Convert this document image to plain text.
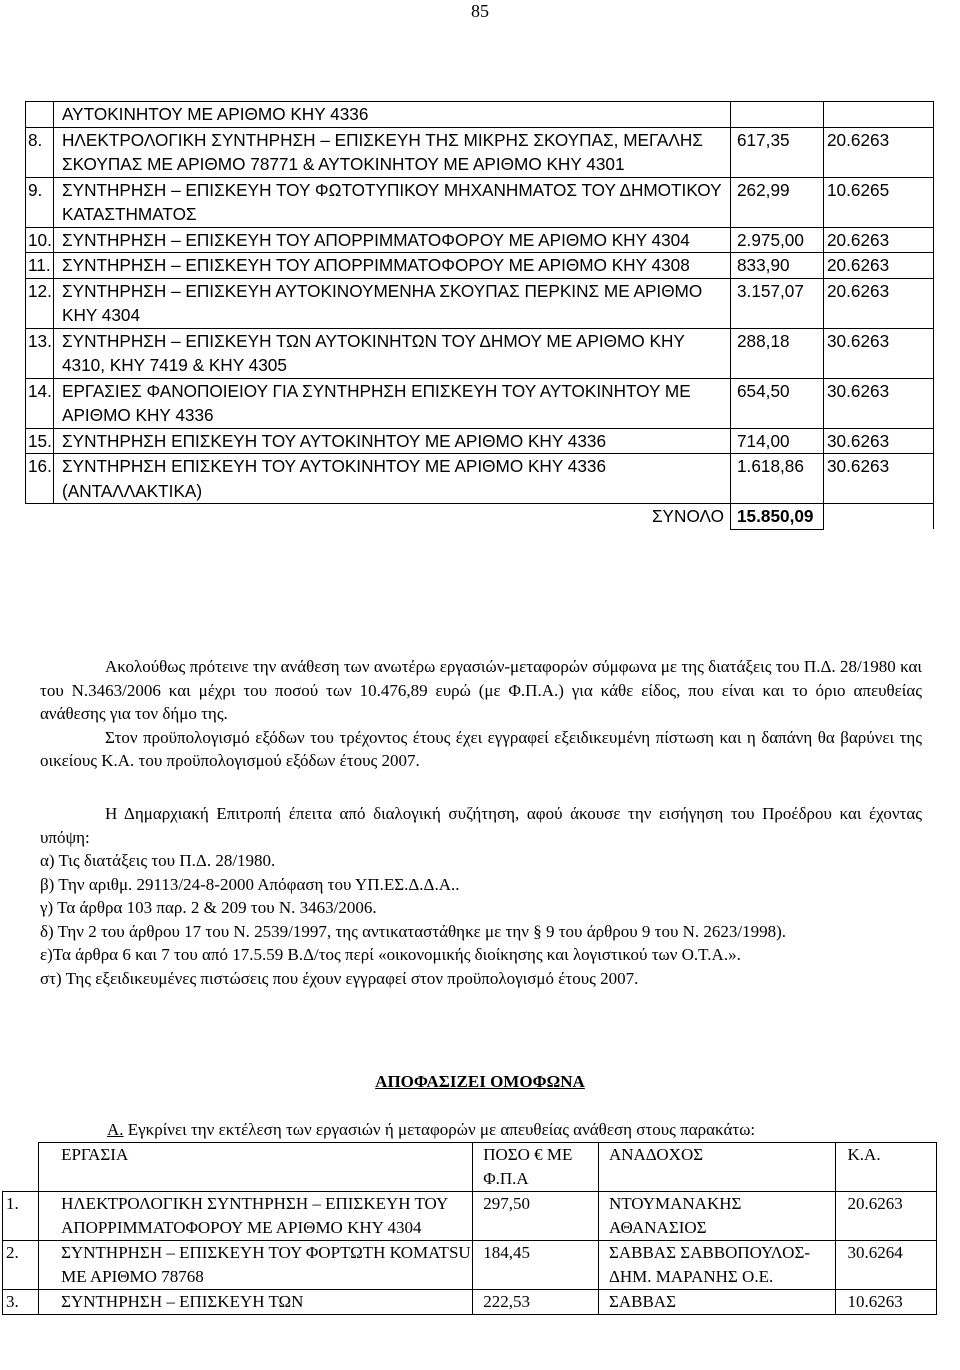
85
	ΑΥΤΟΚΙΝΗΤΟΥ ΜΕ ΑΡΙΘΜΟ ΚΗΥ 4336		
8.	ΗΛΕΚΤΡΟΛΟΓΙΚΗ ΣΥΝΤΗΡΗΣΗ – ΕΠΙΣΚΕΥΗ ΤΗΣ ΜΙΚΡΗΣ ΣΚΟΥΠΑΣ, ΜΕΓΑΛΗΣ ΣΚΟΥΠΑΣ ΜΕ ΑΡΙΘΜΟ 78771 & ΑΥΤΟΚΙΝΗΤΟΥ ΜΕ ΑΡΙΘΜΟ ΚΗΥ 4301	617,35	20.6263
9.	ΣΥΝΤΗΡΗΣΗ – ΕΠΙΣΚΕΥΗ ΤΟΥ ΦΩΤΟΤΥΠΙΚΟΥ ΜΗΧΑΝΗΜΑΤΟΣ ΤΟΥ ΔΗΜΟΤΙΚΟΥ ΚΑΤΑΣΤΗΜΑΤΟΣ	262,99	10.6265
10.	ΣΥΝΤΗΡΗΣΗ – ΕΠΙΣΚΕΥΗ ΤΟΥ ΑΠΟΡΡΙΜΜΑΤΟΦΟΡΟΥ ΜΕ ΑΡΙΘΜΟ ΚΗΥ 4304	2.975,00	20.6263
11.	ΣΥΝΤΗΡΗΣΗ – ΕΠΙΣΚΕΥΗ ΤΟΥ ΑΠΟΡΡΙΜΜΑΤΟΦΟΡΟΥ ΜΕ ΑΡΙΘΜΟ ΚΗΥ 4308	833,90	20.6263
12.	ΣΥΝΤΗΡΗΣΗ – ΕΠΙΣΚΕΥΗ ΑΥΤΟΚΙΝΟΥΜΕΝΗΑ ΣΚΟΥΠΑΣ ΠΕΡΚΙΝΣ ΜΕ ΑΡΙΘΜΟ ΚΗΥ 4304	3.157,07	20.6263
13.	ΣΥΝΤΗΡΗΣΗ – ΕΠΙΣΚΕΥΗ ΤΩΝ ΑΥΤΟΚΙΝΗΤΩΝ ΤΟΥ ΔΗΜΟΥ ΜΕ ΑΡΙΘΜΟ ΚΗΥ 4310, ΚΗΥ 7419 & ΚΗΥ 4305	288,18	30.6263
14.	ΕΡΓΑΣΙΕΣ ΦΑΝΟΠΟΙΕΙΟΥ ΓΙΑ ΣΥΝΤΗΡΗΣΗ ΕΠΙΣΚΕΥΗ ΤΟΥ ΑΥΤΟΚΙΝΗΤΟΥ ΜΕ ΑΡΙΘΜΟ ΚΗΥ 4336	654,50	30.6263
15.	ΣΥΝΤΗΡΗΣΗ ΕΠΙΣΚΕΥΗ ΤΟΥ ΑΥΤΟΚΙΝΗΤΟΥ ΜΕ ΑΡΙΘΜΟ ΚΗΥ 4336	714,00	30.6263
16.	ΣΥΝΤΗΡΗΣΗ ΕΠΙΣΚΕΥΗ ΤΟΥ ΑΥΤΟΚΙΝΗΤΟΥ ΜΕ ΑΡΙΘΜΟ ΚΗΥ 4336 (ΑΝΤΑΛΛΑΚΤΙΚΑ)	1.618,86	30.6263
ΣΥΝΟΛΟ		15.850,09	

Ακολούθως πρότεινε την ανάθεση των ανωτέρω εργασιών-μεταφορών σύμφωνα με της διατάξεις του Π.Δ. 28/1980 και του Ν.3463/2006 και μέχρι του ποσού των 10.476,89 ευρώ (με Φ.Π.Α.) για κάθε είδος, που είναι και το όριο απευθείας ανάθεσης για τον δήμο της.

Στον προϋπολογισμό εξόδων του τρέχοντος έτους έχει εγγραφεί εξειδικευμένη πίστωση και η δαπάνη θα βαρύνει της οικείους Κ.Α. του προϋπολογισμού εξόδων έτους 2007.

Η Δημαρχιακή Επιτροπή έπειτα από διαλογική συζήτηση, αφού άκουσε την εισήγηση του Προέδρου και έχοντας υπόψη:

α) Τις διατάξεις του Π.Δ. 28/1980.

β) Την αριθμ. 29113/24-8-2000 Απόφαση του ΥΠ.ΕΣ.Δ.Δ.Α..

γ) Τα άρθρα 103 παρ. 2 & 209 του Ν. 3463/2006.

δ) Την 2 του άρθρου 17 του Ν. 2539/1997, της αντικαταστάθηκε με την § 9 του άρθρου 9 του Ν. 2623/1998).

ε)Τα άρθρα 6 και 7 του από 17.5.59 Β.Δ/τος περί «οικονομικής διοίκησης και λογιστικού των Ο.Τ.Α.».

στ) Της εξειδικευμένες πιστώσεις που έχουν εγγραφεί στον προϋπολογισμό έτους 2007.

ΑΠΟΦΑΣΙΖΕΙ ΟΜΟΦΩΝΑ
Α. Εγκρίνει την εκτέλεση των εργασιών ή μεταφορών με απευθείας ανάθεση στους παρακάτω:
	ΕΡΓΑΣΙΑ	ΠΟΣΟ € ΜΕ Φ.Π.Α	ΑΝΑΔΟΧΟΣ	Κ.Α.
1.	ΗΛΕΚΤΡΟΛΟΓΙΚΗ ΣΥΝΤΗΡΗΣΗ – ΕΠΙΣΚΕΥΗ ΤΟΥ ΑΠΟΡΡΙΜΜΑΤΟΦΟΡΟΥ ΜΕ ΑΡΙΘΜΟ ΚΗΥ 4304	297,50	ΝΤΟΥΜΑΝΑΚΗΣ ΑΘΑΝΑΣΙΟΣ	20.6263
2.	ΣΥΝΤΗΡΗΣΗ – ΕΠΙΣΚΕΥΗ ΤΟΥ ΦΟΡΤΩΤΗ ΚΟΜΑΤSU ΜΕ ΑΡΙΘΜΟ 78768	184,45	ΣΑΒΒΑΣ ΣΑΒΒΟΠΟΥΛΟΣ- ΔΗΜ. ΜΑΡΑΝΗΣ Ο.Ε.	30.6264
3.	ΣΥΝΤΗΡΗΣΗ – ΕΠΙΣΚΕΥΗ ΤΩΝ	222,53	ΣΑΒΒΑΣ	10.6263
